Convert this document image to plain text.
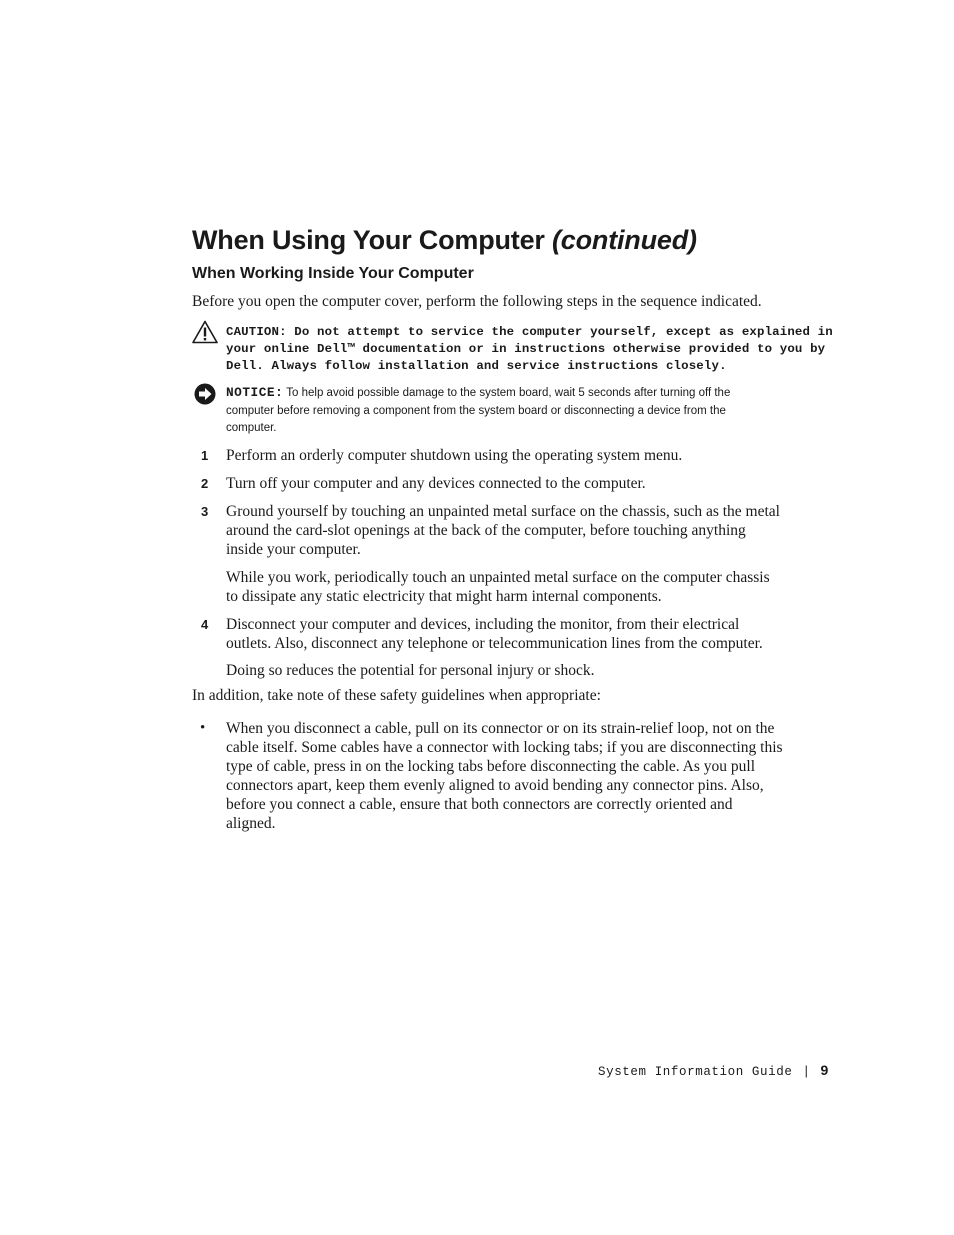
When Using Your Computer (continued)
When Working Inside Your Computer

Before you open the computer cover, perform the following steps in the sequence indicated.

CAUTION: Do not attempt to service the computer yourself, except as explained in
your online Dell™ documentation or in instructions otherwise provided to you by
Dell. Always follow installation and service instructions closely.
NOTICE: To help avoid possible damage to the system board, wait 5 seconds after turning off the
computer before removing a component from the system board or disconnecting a device from the
computer.
1	Perform an orderly computer shutdown using the operating system menu.

2	Turn off your computer and any devices connected to the computer.

3	Ground yourself by touching an unpainted metal surface on the chassis, such as the metal
around the card-slot openings at the back of the computer, before touching anything
inside your computer.
While you work, periodically touch an unpainted metal surface on the computer chassis
to dissipate any static electricity that might harm internal components.
4	Disconnect your computer and devices, including the monitor, from their electrical
outlets. Also, disconnect any telephone or telecommunication lines from the computer.
Doing so reduces the potential for personal injury or shock.

In addition, take note of these safety guidelines when appropriate:

• When you disconnect a cable, pull on its connector or on its strain-relief loop, not on the
cable itself. Some cables have a connector with locking tabs; if you are disconnecting this
type of cable, press in on the locking tabs before disconnecting the cable. As you pull
connectors apart, keep them evenly aligned to avoid bending any connector pins. Also,
before you connect a cable, ensure that both connectors are correctly oriented and
aligned.
System Information Guide | 9
